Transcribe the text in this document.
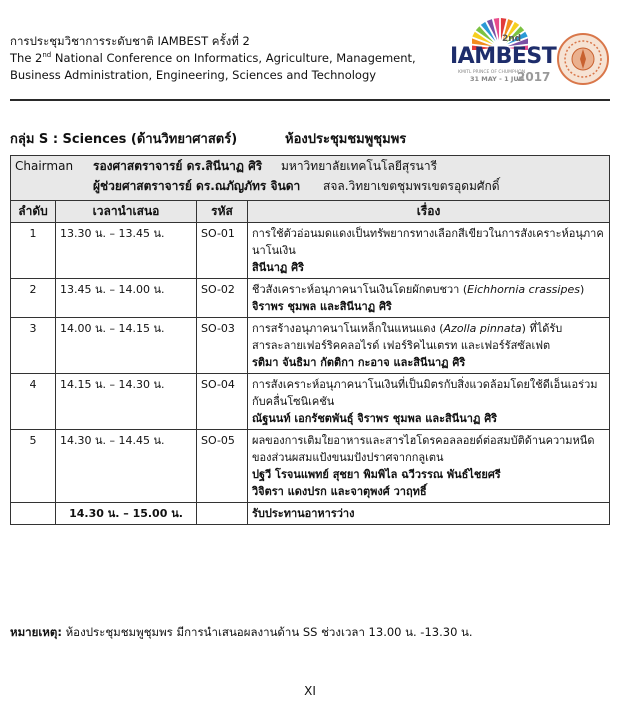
การประชุมวิชาการระดับชาติ IAMBEST ครั้งที่ 2
The 2nd National Conference on Informatics, Agriculture, Management,
Business Administration, Engineering, Sciences and Technology
2nd
IAMBEST
KMITL PRINCE OF CHUMPHON
31 MAY - 1 JUN
2017
กลุ่ม S : Sciences (ด้านวิทยาศาสตร์)	ห้องประชุมชมพูชุมพร
Chairman รองศาสตราจารย์ ดร.สินีนาฏ ศิริ มหาวิทยาลัยเทคโนโลยีสุรนารี
ผู้ช่วยศาสตราจารย์ ดร.ณภัญภัทร จินดา สจล.วิทยาเขตชุมพรเขตรอุดมศักดิ์			

ลำดับ	เวลานำเสนอ	รหัส	เรื่อง
1	13.30 น. – 13.45 น.	SO-01	การใช้ตัวอ่อนมดแดงเป็นทรัพยากรทางเลือกสีเขียวในการสังเคราะห์อนุภาคนาโนเงิน
สินีนาฏ ศิริ

2	13.45 น. – 14.00 น.	SO-02	ชีวสังเคราะห์อนุภาคนาโนเงินโดยผักตบชวา (Eichhornia crassipes)
จิราพร ชุมพล และสินีนาฏ ศิริ

3	14.00 น. – 14.15 น.	SO-03	การสร้างอนุภาคนาโนเหล็กในแหนแดง (Azolla pinnata) ที่ได้รับสารละลายเฟอร์ริคคลอไรด์ เฟอร์ริคไนเตรท และเฟอร์รัสซัลเฟต
รติมา จันธิมา กัตติกา กะอาจ และสินีนาฏ ศิริ

4	14.15 น. – 14.30 น.	SO-04	การสังเคราะห์อนุภาคนาโนเงินที่เป็นมิตรกับสิ่งแวดล้อมโดยใช้ดีเอ็นเอร่วมกับคลื่นโซนิเคชัน
ณัฐนนท์ เอกรัชตพันธุ์ จิราพร ชุมพล และสินีนาฏ ศิริ

5	14.30 น. – 14.45 น.	SO-05	ผลของการเติมใยอาหารและสารไฮโดรคอลลอยด์ต่อสมบัติด้านความหนืดของส่วนผสมแป้งขนมปังปราศจากกลูเตน
ปฐวี โรจนแพทย์ สุชยา พิมพิไล ฉวีวรรณ พันธ์ไชยศรี
วิจิตรา แดงปรก และจาตุพงศ์ วาฤทธิ์

	14.30 น. – 15.00 น.		รับประทานอาหารว่าง
หมายเหตุ: ห้องประชุมชมพูชุมพร มีการนำเสนอผลงานด้าน SS ช่วงเวลา 13.00 น. -13.30 น.
XI
